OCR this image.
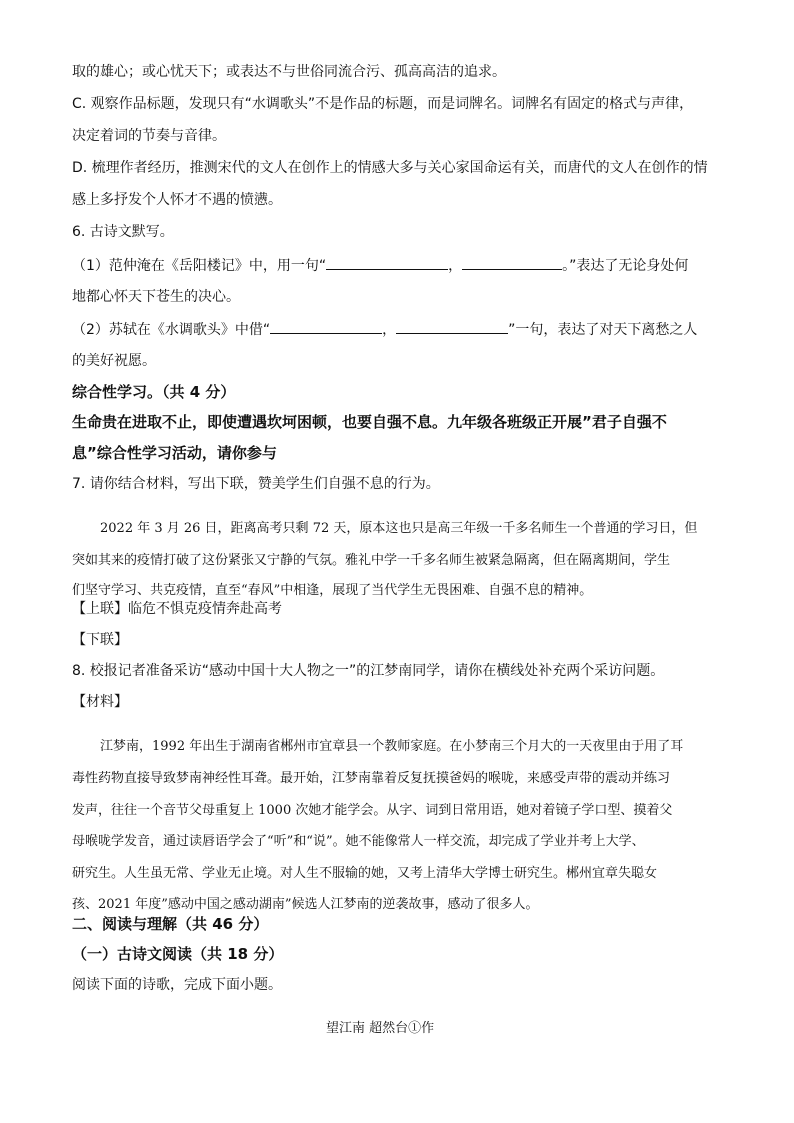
取的雄心；或心忧天下；或表达不与世俗同流合污、孤高高洁的追求。

C. 观察作品标题，发现只有“水调歌头”不是作品的标题，而是词牌名。词牌名有固定的格式与声律，

决定着词的节奏与音律。

D. 梳理作者经历，推测宋代的文人在创作上的情感大多与关心家国命运有关，而唐代的文人在创作的情

感上多抒发个人怀才不遇的愤懑。

6. 古诗文默写。

（1）范仲淹在《岳阳楼记》中，用一句“	，	。”表达了无论身处何

地都心怀天下苍生的决心。

（2）苏轼在《水调歌头》中借“	，	”一句，表达了对天下离愁之人

的美好祝愿。

综合性学习。（共 4 分）

生命贵在进取不止，即使遭遇坎坷困顿，也要自强不息。九年级各班级正开展”君子自强不

息”综合性学习活动，请你参与

7. 请你结合材料，写出下联，赞美学生们自强不息的行为。

2022 年 3 月 26 日，距离高考只剩 72 天，原本这也只是高三年级一千多名师生一个普通的学习日，但

突如其来的疫情打破了这份紧张又宁静的气氛。雅礼中学一千多名师生被紧急隔离，但在隔离期间，学生

们坚守学习、共克疫情，直至“春风”中相逢，展现了当代学生无畏困难、自强不息的精神。

【上联】临危不惧克疫情奔赴高考

【下联】

8. 校报记者准备采访“感动中国十大人物之一”的江梦南同学，请你在横线处补充两个采访问题。

【材料】

江梦南，1992 年出生于湖南省郴州市宜章县一个教师家庭。在小梦南三个月大的一天夜里由于用了耳

毒性药物直接导致梦南神经性耳聋。最开始，江梦南靠着反复抚摸爸妈的喉咙，来感受声带的震动并练习

发声，往往一个音节父母重复上 1000 次她才能学会。从字、词到日常用语，她对着镜子学口型、摸着父

母喉咙学发音，通过读唇语学会了“听”和“说”。她不能像常人一样交流，却完成了学业并考上大学、

研究生。人生虽无常、学业无止境。对人生不服输的她，又考上清华大学博士研究生。郴州宜章失聪女

孩、2021 年度”感动中国之感动湖南”候选人江梦南的逆袭故事，感动了很多人。

二、阅读与理解（共 46 分）

（一）古诗文阅读（共 18 分）

阅读下面的诗歌，完成下面小题。

望江南 超然台①作
